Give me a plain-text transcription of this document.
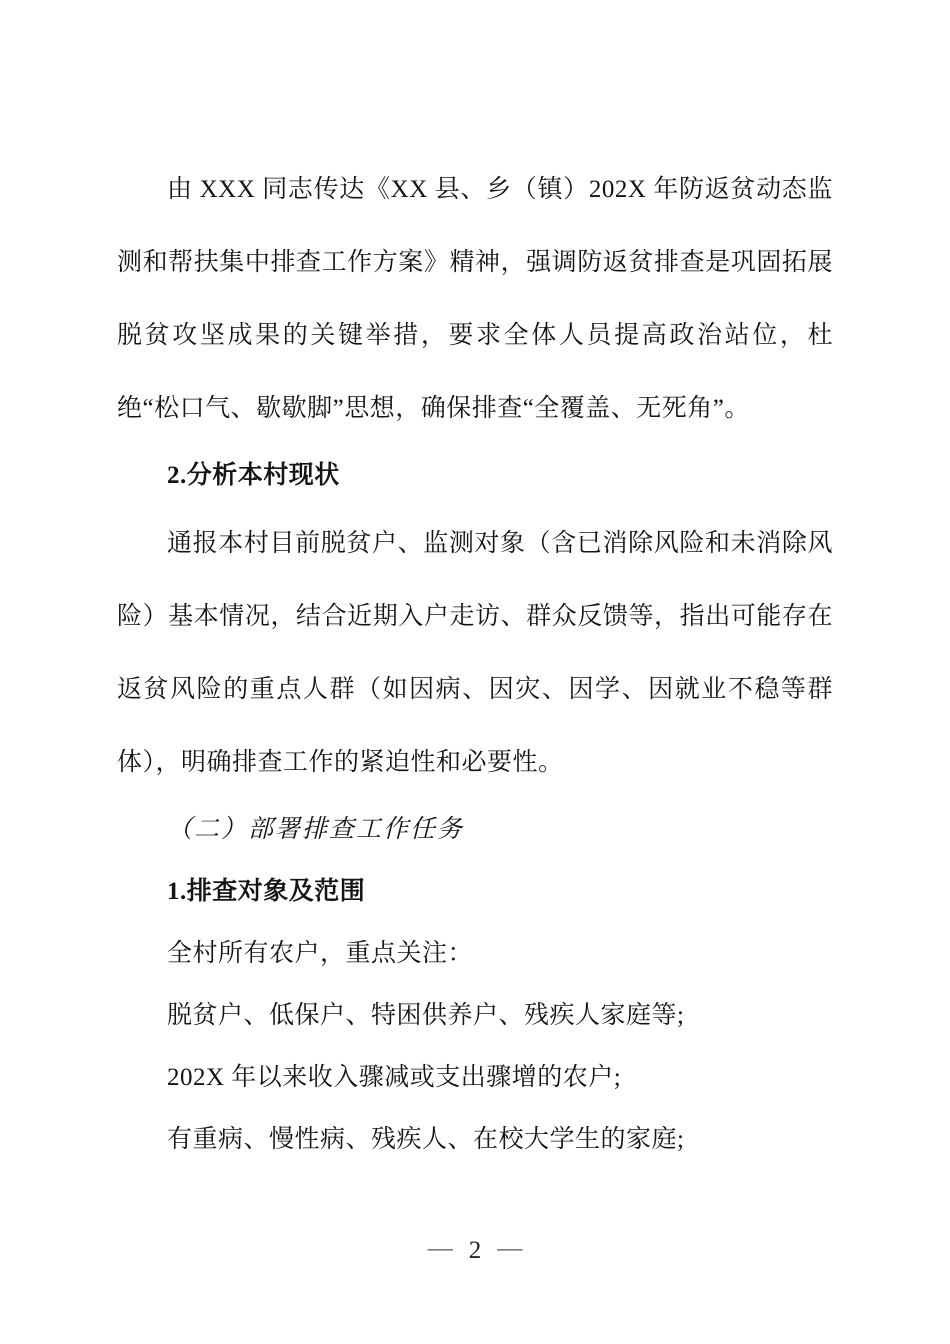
由 XXX 同志传达《XX 县、乡（镇）202X 年防返贫动态监测和帮扶集中排查工作方案》精神，强调防返贫排查是巩固拓展脱贫攻坚成果的关键举措，要求全体人员提高政治站位，杜绝“松口气、歇歇脚”思想，确保排查“全覆盖、无死角”。

2.分析本村现状

通报本村目前脱贫户、监测对象（含已消除风险和未消除风险）基本情况，结合近期入户走访、群众反馈等，指出可能存在返贫风险的重点人群（如因病、因灾、因学、因就业不稳等群体），明确排查工作的紧迫性和必要性。

（二）部署排查工作任务

1.排查对象及范围

全村所有农户，重点关注：

脱贫户、低保户、特困供养户、残疾人家庭等;

202X 年以来收入骤减或支出骤增的农户;

有重病、慢性病、残疾人、在校大学生的家庭;

— 2 —
